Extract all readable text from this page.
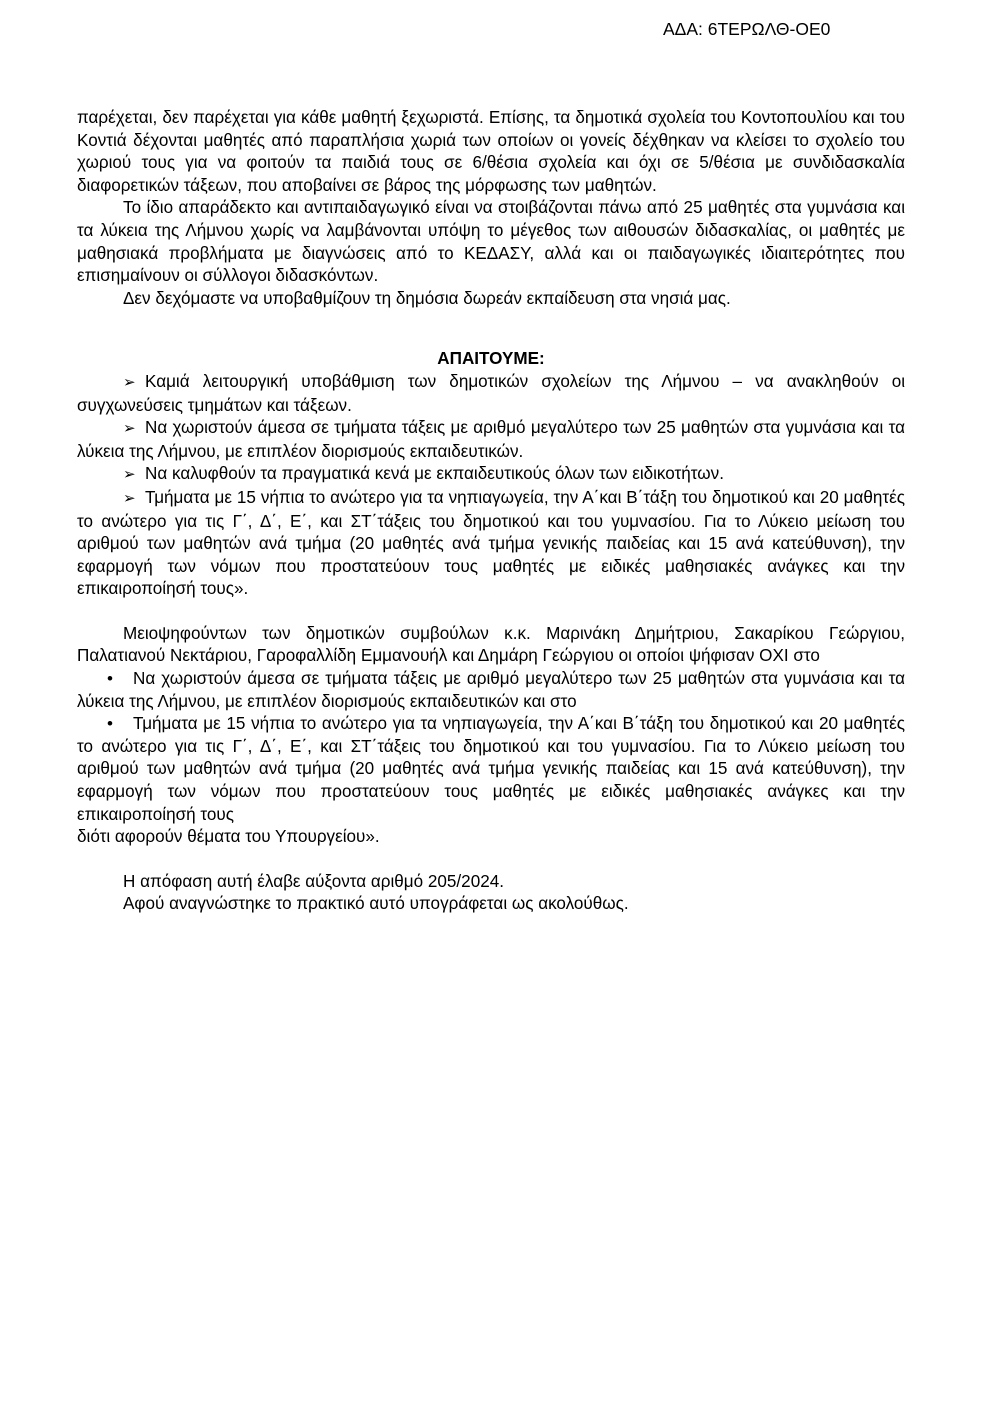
ΑΔΑ: 6ΤΕΡΩΛΘ-ΟΕ0

παρέχεται, δεν παρέχεται για κάθε μαθητή ξεχωριστά. Επίσης, τα δημοτικά σχολεία του Κοντοπουλίου και του Κοντιά δέχονται μαθητές από παραπλήσια χωριά των οποίων οι γονείς δέχθηκαν να κλείσει το σχολείο του χωριού τους για να φοιτούν τα παιδιά τους σε 6/θέσια σχολεία και όχι σε 5/θέσια με συνδιδασκαλία διαφορετικών τάξεων, που αποβαίνει σε βάρος της μόρφωσης των μαθητών.

Το ίδιο απαράδεκτο και αντιπαιδαγωγικό είναι να στοιβάζονται πάνω από 25 μαθητές στα γυμνάσια και τα λύκεια της Λήμνου χωρίς να λαμβάνονται υπόψη το μέγεθος των αιθουσών διδασκαλίας, οι μαθητές με μαθησιακά προβλήματα με διαγνώσεις από το ΚΕΔΑΣΥ, αλλά και οι παιδαγωγικές ιδιαιτερότητες που επισημαίνουν οι σύλλογοι διδασκόντων.

Δεν δεχόμαστε να υποβαθμίζουν τη δημόσια δωρεάν εκπαίδευση στα νησιά μας.

ΑΠΑΙΤΟΥΜΕ:

➢ Καμιά λειτουργική υποβάθμιση των δημοτικών σχολείων της Λήμνου – να ανακληθούν οι συγχωνεύσεις τμημάτων και τάξεων.

➢ Να χωριστούν άμεσα σε τμήματα τάξεις με αριθμό μεγαλύτερο των 25 μαθητών στα γυμνάσια και τα λύκεια της Λήμνου, με επιπλέον διορισμούς εκπαιδευτικών.

➢ Να καλυφθούν τα πραγματικά κενά με εκπαιδευτικούς όλων των ειδικοτήτων.

➢ Τμήματα με 15 νήπια το ανώτερο για τα νηπιαγωγεία, την Α΄και Β΄τάξη του δημοτικού και 20 μαθητές το ανώτερο για τις Γ΄, Δ΄, Ε΄, και ΣΤ΄τάξεις του δημοτικού και του γυμνασίου. Για το Λύκειο μείωση του αριθμού των μαθητών ανά τμήμα (20 μαθητές ανά τμήμα γενικής παιδείας και 15 ανά κατεύθυνση), την εφαρμογή των νόμων που προστατεύουν τους μαθητές με ειδικές μαθησιακές ανάγκες και την επικαιροποίησή τους».

Μειοψηφούντων των δημοτικών συμβούλων κ.κ. Μαρινάκη Δημήτριου, Σακαρίκου Γεώργιου, Παλατιανού Νεκτάριου, Γαροφαλλίδη Εμμανουήλ και Δημάρη Γεώργιου οι οποίοι ψήφισαν ΟΧΙ στο

• Να χωριστούν άμεσα σε τμήματα τάξεις με αριθμό μεγαλύτερο των 25 μαθητών στα γυμνάσια και τα λύκεια της Λήμνου, με επιπλέον διορισμούς εκπαιδευτικών και στο

• Τμήματα με 15 νήπια το ανώτερο για τα νηπιαγωγεία, την Α΄και Β΄τάξη του δημοτικού και 20 μαθητές το ανώτερο για τις Γ΄, Δ΄, Ε΄, και ΣΤ΄τάξεις του δημοτικού και του γυμνασίου. Για το Λύκειο μείωση του αριθμού των μαθητών ανά τμήμα (20 μαθητές ανά τμήμα γενικής παιδείας και 15 ανά κατεύθυνση), την εφαρμογή των νόμων που προστατεύουν τους μαθητές με ειδικές μαθησιακές ανάγκες και την επικαιροποίησή τους

διότι αφορούν θέματα του Υπουργείου».

Η απόφαση αυτή έλαβε αύξοντα αριθμό 205/2024.

Αφού αναγνώστηκε το πρακτικό αυτό υπογράφεται ως ακολούθως.
